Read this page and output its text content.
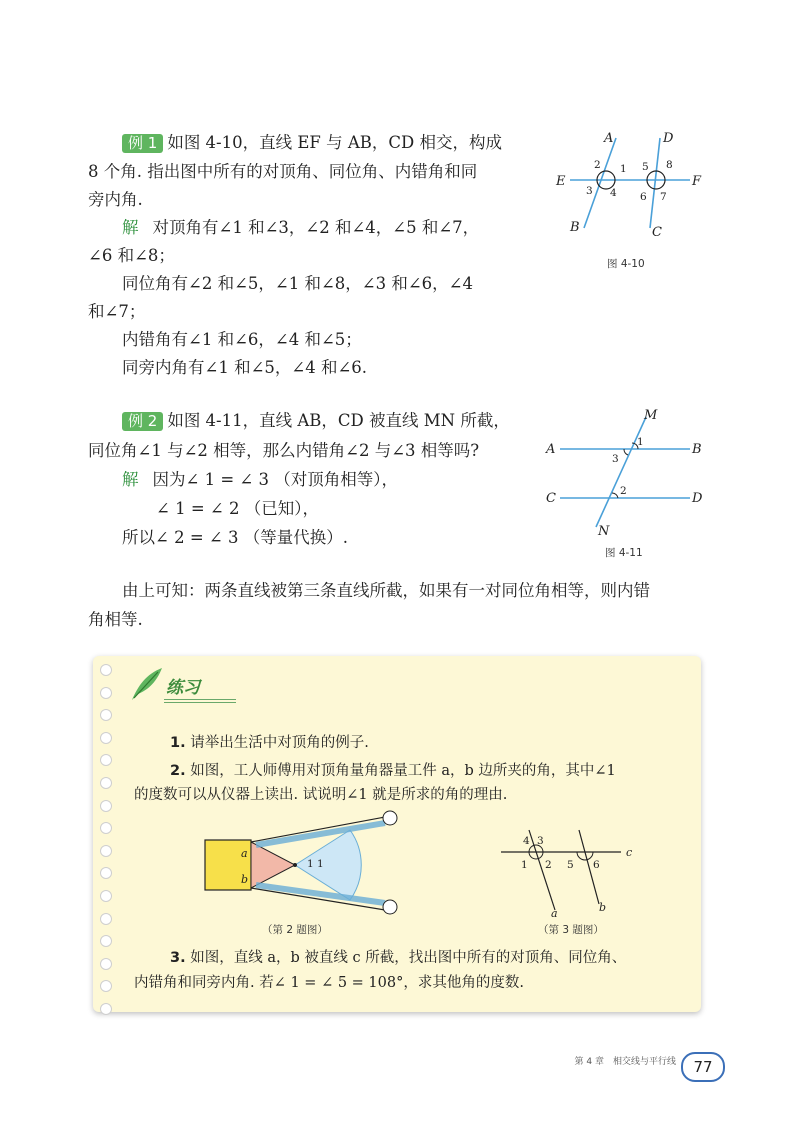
例 1 如图 4-10，直线 EF 与 AB，CD 相交，构成
8 个角. 指出图中所有的对顶角、同位角、内错角和同
旁内角.
解 对顶角有∠1 和∠3，∠2 和∠4，∠5 和∠7，
∠6 和∠8；
同位角有∠2 和∠5，∠1 和∠8，∠3 和∠6，∠4
和∠7；
内错角有∠1 和∠6，∠4 和∠5；
同旁内角有∠1 和∠5，∠4 和∠6.
A
B	C
D
E	F
1
2
3 4
5
6 7
8
图 4-10
例 2 如图 4-11，直线 AB，CD 被直线 MN 所截，
同位角∠1 与∠2 相等，那么内错角∠2 与∠3 相等吗?
解 因为∠ 1 = ∠ 3 （对顶角相等），
∠ 1 = ∠ 2 （已知），
所以∠ 2 = ∠ 3 （等量代换）.
M
N
A	B
C	D
1
2
3
图 4-11
由上可知：两条直线被第三条直线所截，如果有一对同位角相等，则内错
角相等.
练习
1. 请举出生活中对顶角的例子.
2. 如图，工人师傅用对顶角量角器量工件 a，b 边所夹的角，其中∠1
的度数可以从仪器上读出. 试说明∠1 就是所求的角的理由.
a
b
1 1
（第 2 题图）
a	b
c
1 2
3
4
5 6
（第 3 题图）
3. 如图，直线 a，b 被直线 c 所截，找出图中所有的对顶角、同位角、
内错角和同旁内角. 若∠ 1 = ∠ 5 = 108°，求其他角的度数.
第 4 章　相交线与平行线	77
